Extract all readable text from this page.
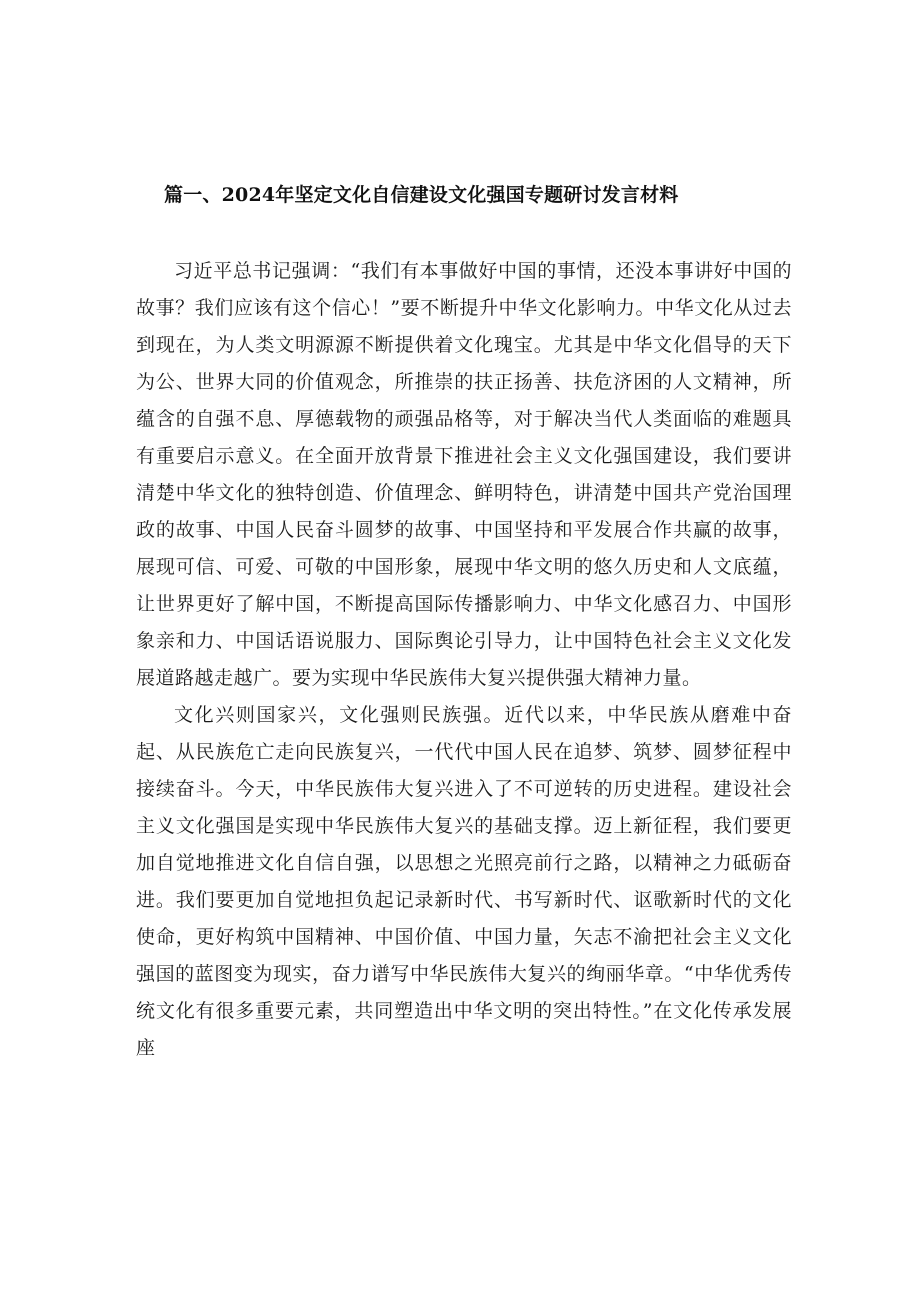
篇一、2024年坚定文化自信建设文化强国专题研讨发言材料

习近平总书记强调：“我们有本事做好中国的事情，还没本事讲好中国的故事？我们应该有这个信心！”要不断提升中华文化影响力。中华文化从过去到现在，为人类文明源源不断提供着文化瑰宝。尤其是中华文化倡导的天下为公、世界大同的价值观念，所推崇的扶正扬善、扶危济困的人文精神，所蕴含的自强不息、厚德载物的顽强品格等，对于解决当代人类面临的难题具有重要启示意义。在全面开放背景下推进社会主义文化强国建设，我们要讲清楚中华文化的独特创造、价值理念、鲜明特色，讲清楚中国共产党治国理政的故事、中国人民奋斗圆梦的故事、中国坚持和平发展合作共赢的故事，展现可信、可爱、可敬的中国形象，展现中华文明的悠久历史和人文底蕴，让世界更好了解中国，不断提高国际传播影响力、中华文化感召力、中国形象亲和力、中国话语说服力、国际舆论引导力，让中国特色社会主义文化发展道路越走越广。要为实现中华民族伟大复兴提供强大精神力量。

文化兴则国家兴，文化强则民族强。近代以来，中华民族从磨难中奋起、从民族危亡走向民族复兴，一代代中国人民在追梦、筑梦、圆梦征程中接续奋斗。今天，中华民族伟大复兴进入了不可逆转的历史进程。建设社会主义文化强国是实现中华民族伟大复兴的基础支撑。迈上新征程，我们要更加自觉地推进文化自信自强，以思想之光照亮前行之路，以精神之力砥砺奋进。我们要更加自觉地担负起记录新时代、书写新时代、讴歌新时代的文化使命，更好构筑中国精神、中国价值、中国力量，矢志不渝把社会主义文化强国的蓝图变为现实，奋力谱写中华民族伟大复兴的绚丽华章。“中华优秀传统文化有很多重要元素，共同塑造出中华文明的突出特性。”在文化传承发展座
